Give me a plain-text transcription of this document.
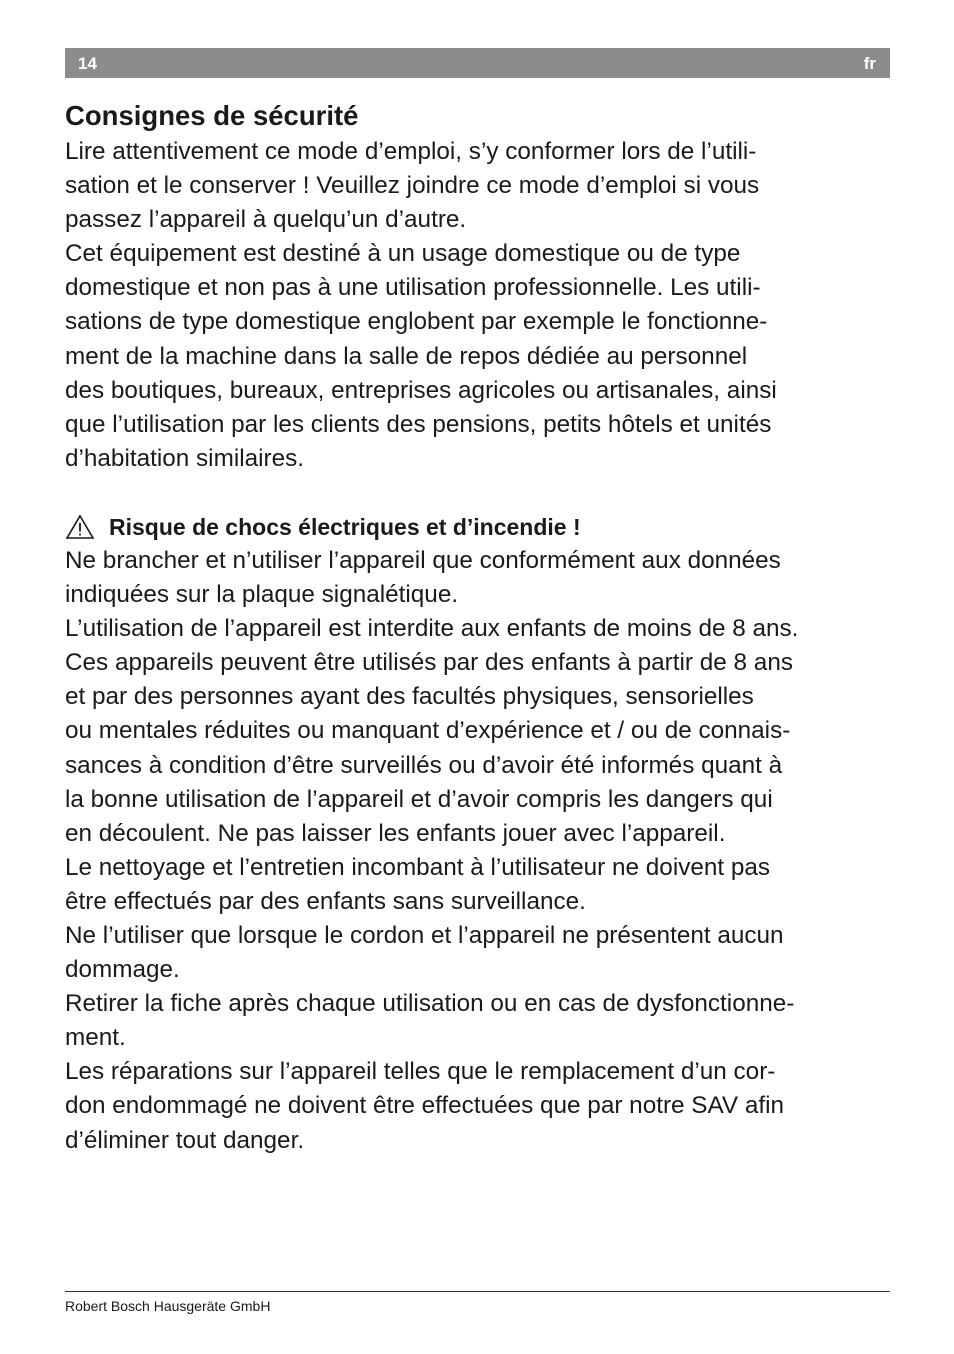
14	fr
Consignes de sécurité

Lire attentivement ce mode d’emploi, s’y conformer lors de l’utili-
sation et le conserver ! Veuillez joindre ce mode d’emploi si vous
passez l’appareil à quelqu’un d’autre.
Cet équipement est destiné à un usage domestique ou de type
domestique et non pas à une utilisation professionnelle. Les utili-
sations de type domestique englobent par exemple le fonctionne-
ment de la machine dans la salle de repos dédiée au personnel
des boutiques, bureaux, entreprises agricoles ou artisanales, ainsi
que l’utilisation par les clients des pensions, petits hôtels et unités
d’habitation similaires.

Risque de chocs électriques et d’incendie !

Ne brancher et n’utiliser l’appareil que conformément aux données
indiquées sur la plaque signalétique.
L’utilisation de l’appareil est interdite aux enfants de moins de 8 ans.
Ces appareils peuvent être utilisés par des enfants à partir de 8 ans
et par des personnes ayant des facultés physiques, sensorielles
ou mentales réduites ou manquant d’expérience et / ou de connais-
sances à condition d’être surveillés ou d’avoir été informés quant à
la bonne utilisation de l’appareil et d’avoir compris les dangers qui
en découlent. Ne pas laisser les enfants jouer avec l’appareil.
Le nettoyage et l’entretien incombant à l’utilisateur ne doivent pas
être effectués par des enfants sans surveillance.
Ne l’utiliser que lorsque le cordon et l’appareil ne présentent aucun
dommage.
Retirer la fiche après chaque utilisation ou en cas de dysfonctionne-
ment.
Les réparations sur l’appareil telles que le remplacement d’un cor-
don endommagé ne doivent être effectuées que par notre SAV afin
d’éliminer tout danger.

Robert Bosch Hausgeräte GmbH
